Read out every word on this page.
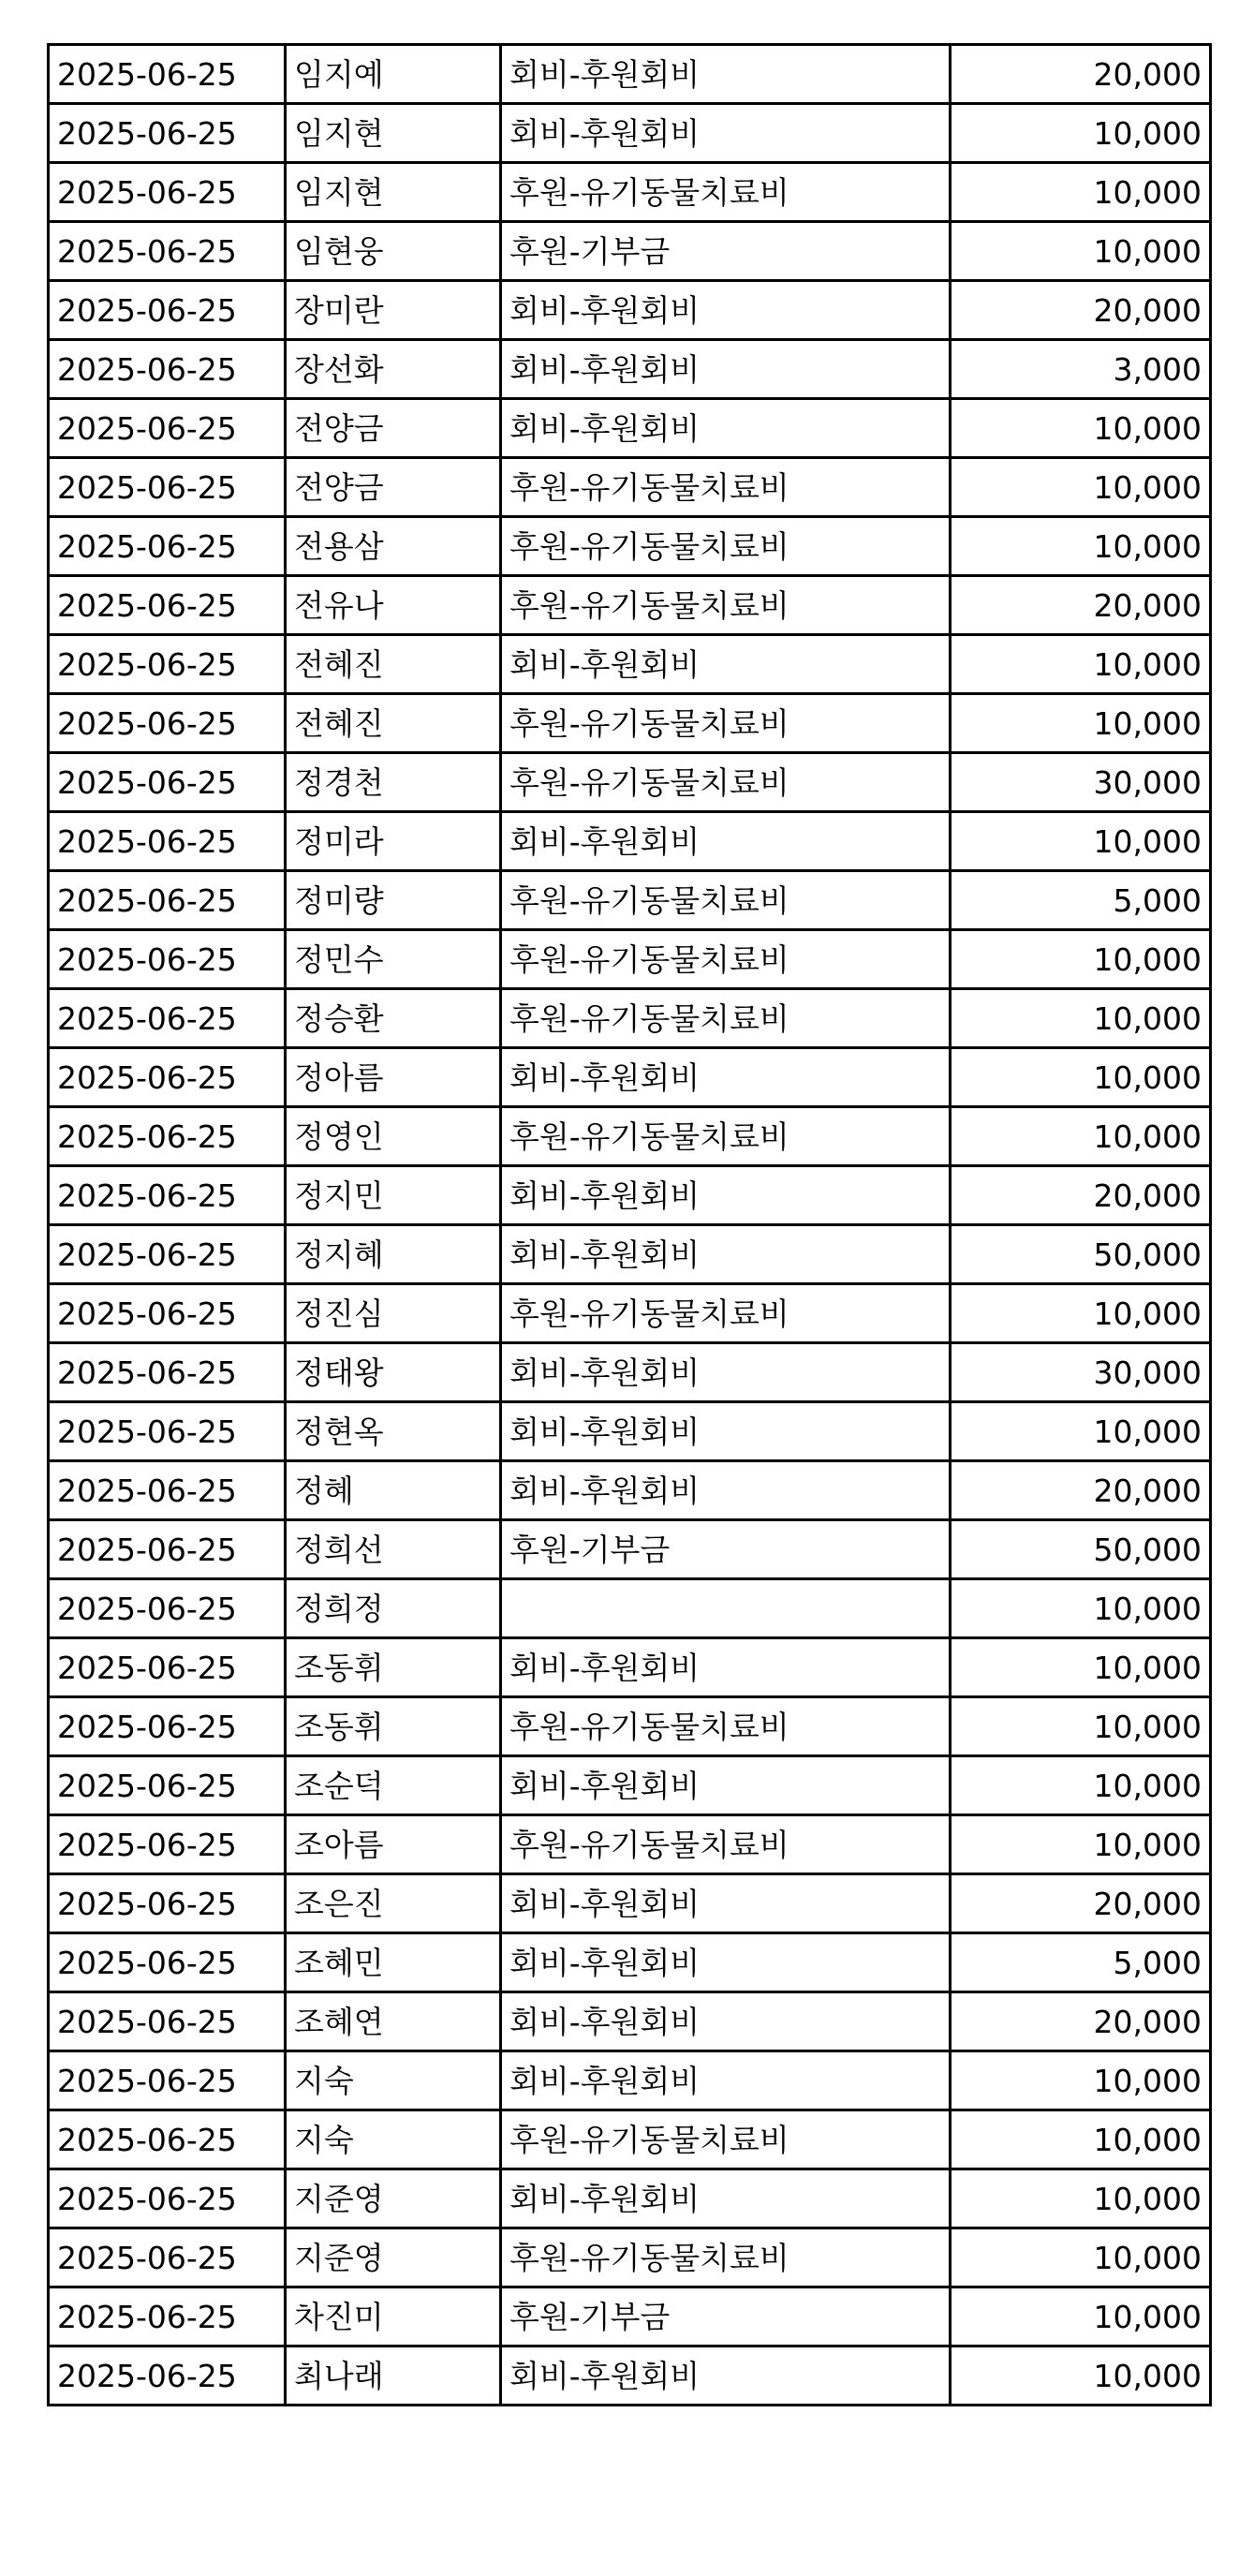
2025-06-25	임지예	회비-후원회비	20,000
2025-06-25	임지현	회비-후원회비	10,000
2025-06-25	임지현	후원-유기동물치료비	10,000
2025-06-25	임현웅	후원-기부금	10,000
2025-06-25	장미란	회비-후원회비	20,000
2025-06-25	장선화	회비-후원회비	3,000
2025-06-25	전양금	회비-후원회비	10,000
2025-06-25	전양금	후원-유기동물치료비	10,000
2025-06-25	전용삼	후원-유기동물치료비	10,000
2025-06-25	전유나	후원-유기동물치료비	20,000
2025-06-25	전혜진	회비-후원회비	10,000
2025-06-25	전혜진	후원-유기동물치료비	10,000
2025-06-25	정경천	후원-유기동물치료비	30,000
2025-06-25	정미라	회비-후원회비	10,000
2025-06-25	정미량	후원-유기동물치료비	5,000
2025-06-25	정민수	후원-유기동물치료비	10,000
2025-06-25	정승환	후원-유기동물치료비	10,000
2025-06-25	정아름	회비-후원회비	10,000
2025-06-25	정영인	후원-유기동물치료비	10,000
2025-06-25	정지민	회비-후원회비	20,000
2025-06-25	정지혜	회비-후원회비	50,000
2025-06-25	정진심	후원-유기동물치료비	10,000
2025-06-25	정태왕	회비-후원회비	30,000
2025-06-25	정현옥	회비-후원회비	10,000
2025-06-25	정혜	회비-후원회비	20,000
2025-06-25	정희선	후원-기부금	50,000
2025-06-25	정희정		10,000
2025-06-25	조동휘	회비-후원회비	10,000
2025-06-25	조동휘	후원-유기동물치료비	10,000
2025-06-25	조순덕	회비-후원회비	10,000
2025-06-25	조아름	후원-유기동물치료비	10,000
2025-06-25	조은진	회비-후원회비	20,000
2025-06-25	조혜민	회비-후원회비	5,000
2025-06-25	조혜연	회비-후원회비	20,000
2025-06-25	지숙	회비-후원회비	10,000
2025-06-25	지숙	후원-유기동물치료비	10,000
2025-06-25	지준영	회비-후원회비	10,000
2025-06-25	지준영	후원-유기동물치료비	10,000
2025-06-25	차진미	후원-기부금	10,000
2025-06-25	최나래	회비-후원회비	10,000
